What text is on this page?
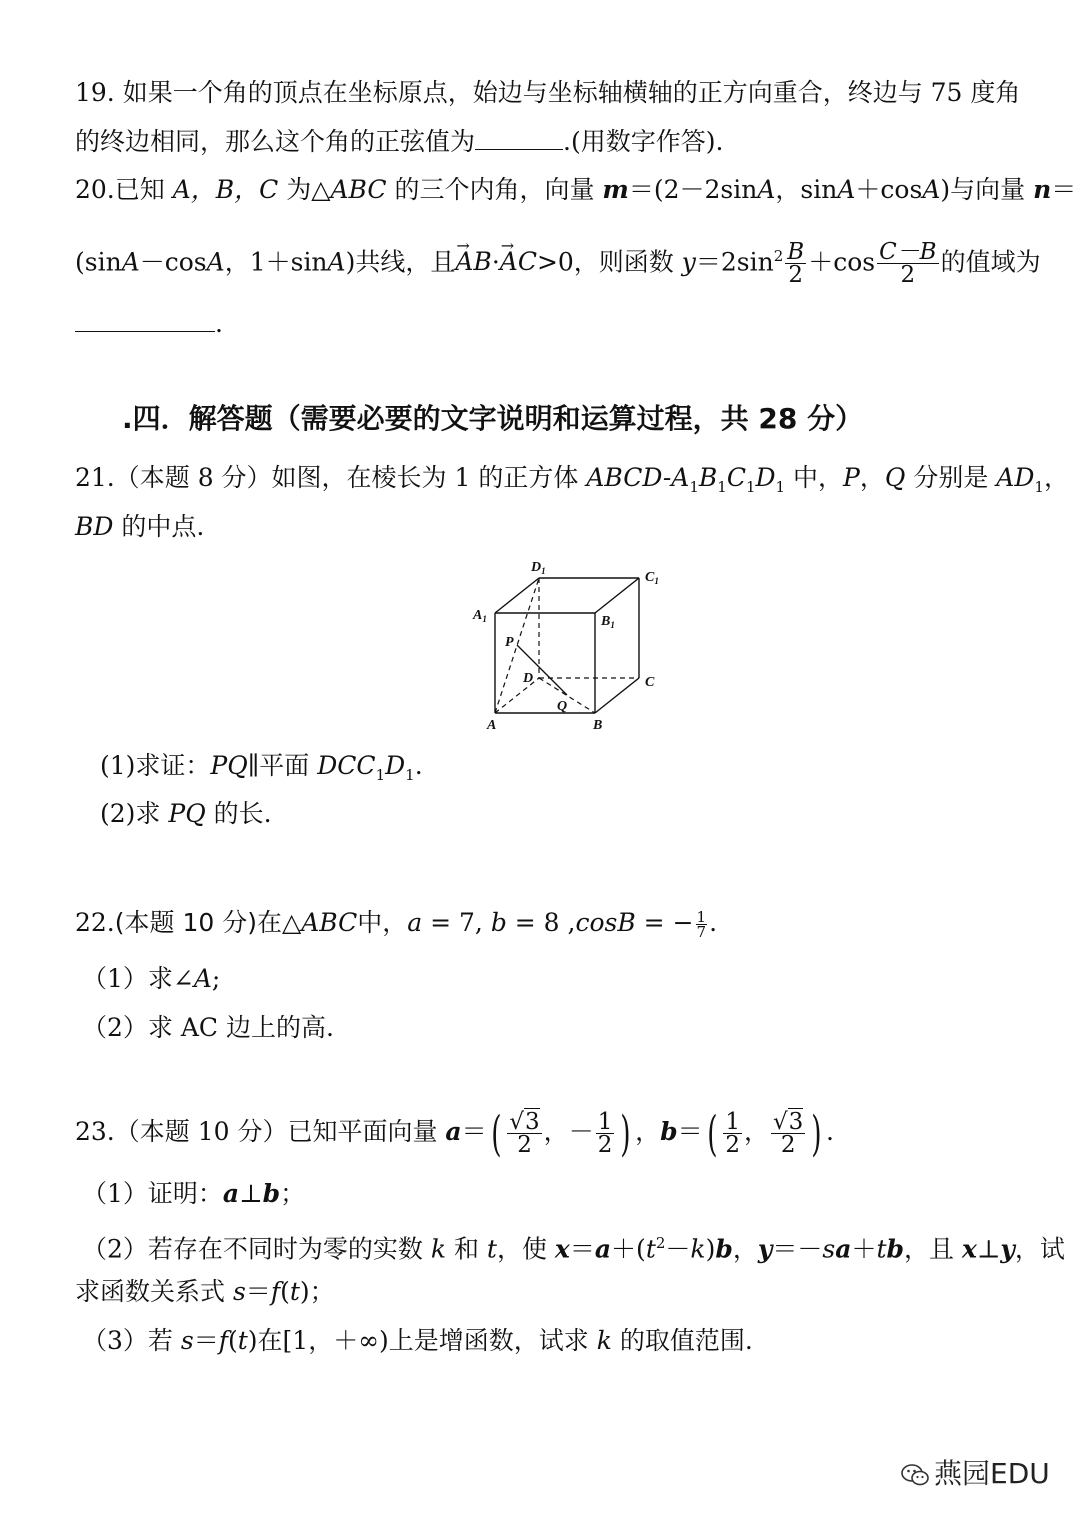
19. 如果一个角的顶点在坐标原点，始边与坐标轴横轴的正方向重合，终边与 75 度角
的终边相同，那么这个角的正弦值为	.(用数字作答).
20.已知 A，B，C 为△ABC 的三个内角，向量 m＝(2－2sinA，sinA＋cosA)与向量 n＝
(sinA－cosA，1＋sinA)共线，且→ AB·→ AC>0，则函数 $y=2\sin^2 \frac{B}{2} +\cos \frac{C-B}{2}$ 的值域为
.
.四．解答题（需要必要的文字说明和运算过程，共 28 分）
21.（本题 8 分）如图，在棱长为 1 的正方体 ABCD-$A_1B_1C_1D_1$ 中，P，Q 分别是 $AD_1$，
BD 的中点.
$D_1$	$C_1$
$A_1$	$B_1$
P
D	C
Q
A	B
(1)求证：PQ∥平面 $DCC_1D_1$.
(2)求 PQ 的长.
22.(本题 10 分)在△ABC中，a = 7, b = 8 ,cosB = − $\frac{1}{7}$ .
（1）求∠A;
（2）求 AC 边上的高.
23.（本题 10 分）已知平面向量 $a=( \frac{√3}{2}$ ，－ $\frac{1}{2}$ ) ，$b=( \frac{1}{2}$ ， $\frac{√3}{2}$ ) .
（1）证明：a⊥b；
（2）若存在不同时为零的实数 k 和 t，使 $x=a+(t^2-k)b$，y＝－sa＋tb，且 x⊥y，试
求函数关系式 s＝f(t)；
（3）若 s＝f(t)在[1，＋∞)上是增函数，试求 k 的取值范围.
燕园EDU
